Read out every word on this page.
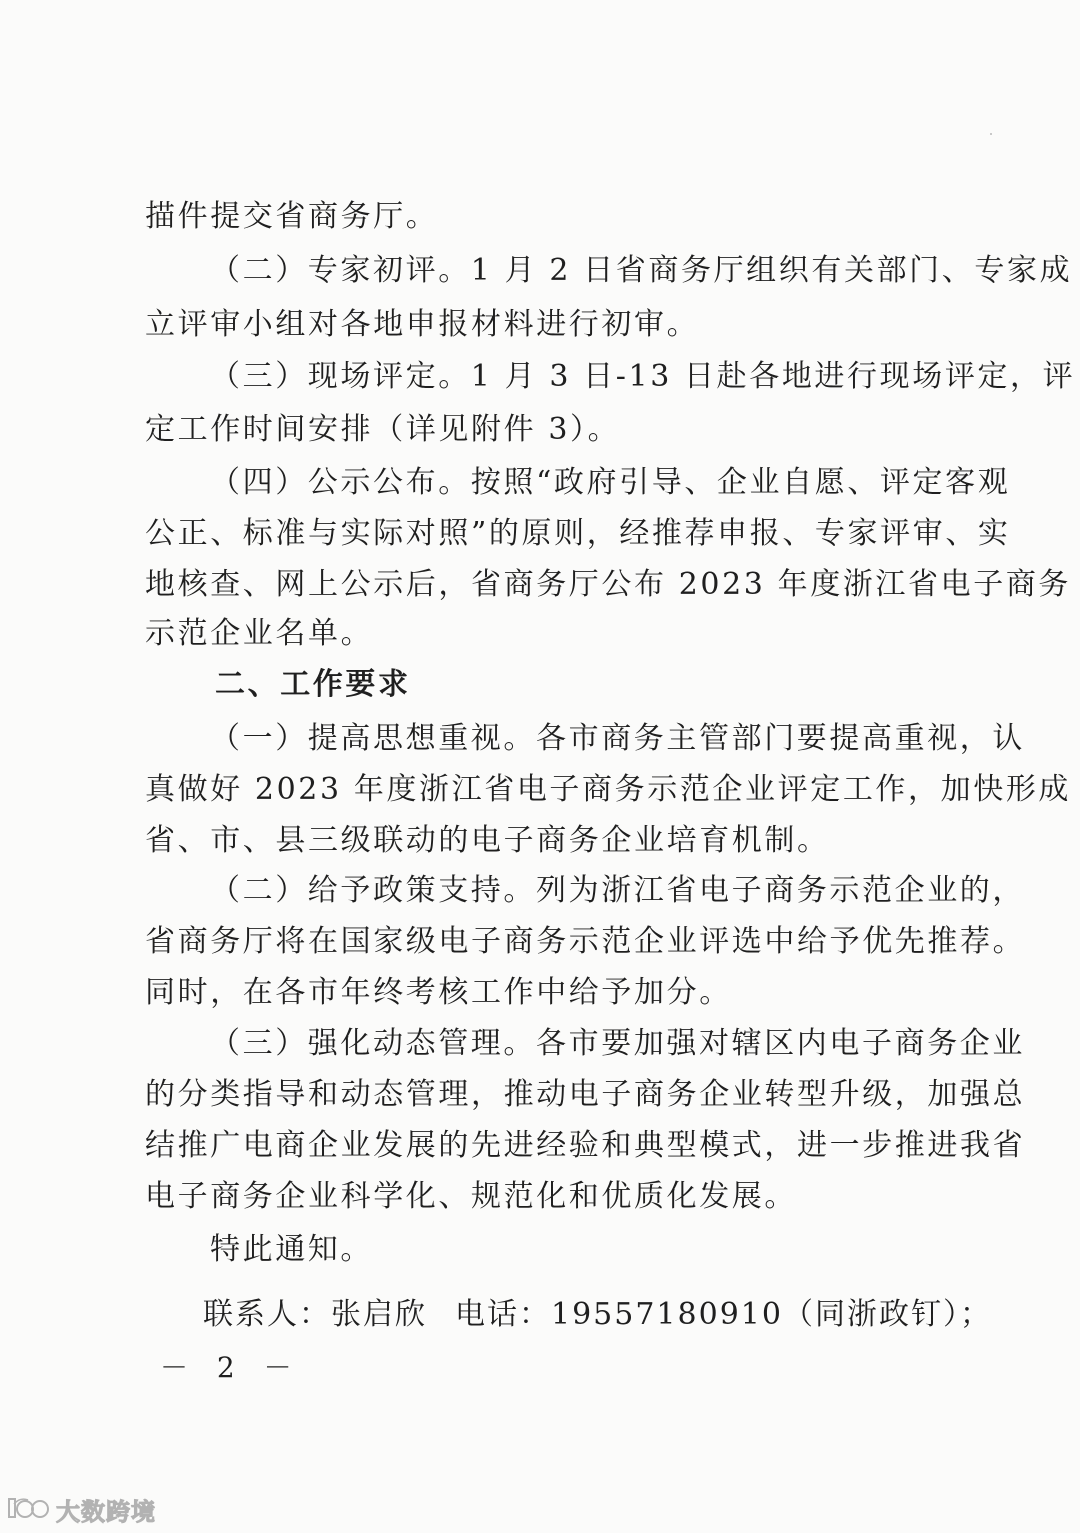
描件提交省商务厅。
（二）专家初评。1 月 2 日省商务厅组织有关部门、专家成
立评审小组对各地申报材料进行初审。
（三）现场评定。1 月 3 日-13 日赴各地进行现场评定，评
定工作时间安排（详见附件 3）。
（四）公示公布。按照“政府引导、企业自愿、评定客观
公正、标准与实际对照”的原则，经推荐申报、专家评审、实
地核查、网上公示后，省商务厅公布 2023 年度浙江省电子商务
示范企业名单。
二、工作要求
（一）提高思想重视。各市商务主管部门要提高重视，认
真做好 2023 年度浙江省电子商务示范企业评定工作，加快形成
省、市、县三级联动的电子商务企业培育机制。
（二）给予政策支持。列为浙江省电子商务示范企业的，
省商务厅将在国家级电子商务示范企业评选中给予优先推荐。
同时，在各市年终考核工作中给予加分。
（三）强化动态管理。各市要加强对辖区内电子商务企业
的分类指导和动态管理，推动电子商务企业转型升级，加强总
结推广电商企业发展的先进经验和典型模式，进一步推进我省
电子商务企业科学化、规范化和优质化发展。
特此通知。
联系人：张启欣 电话：19557180910（同浙政钉）；
－ 2 －
大数跨境
